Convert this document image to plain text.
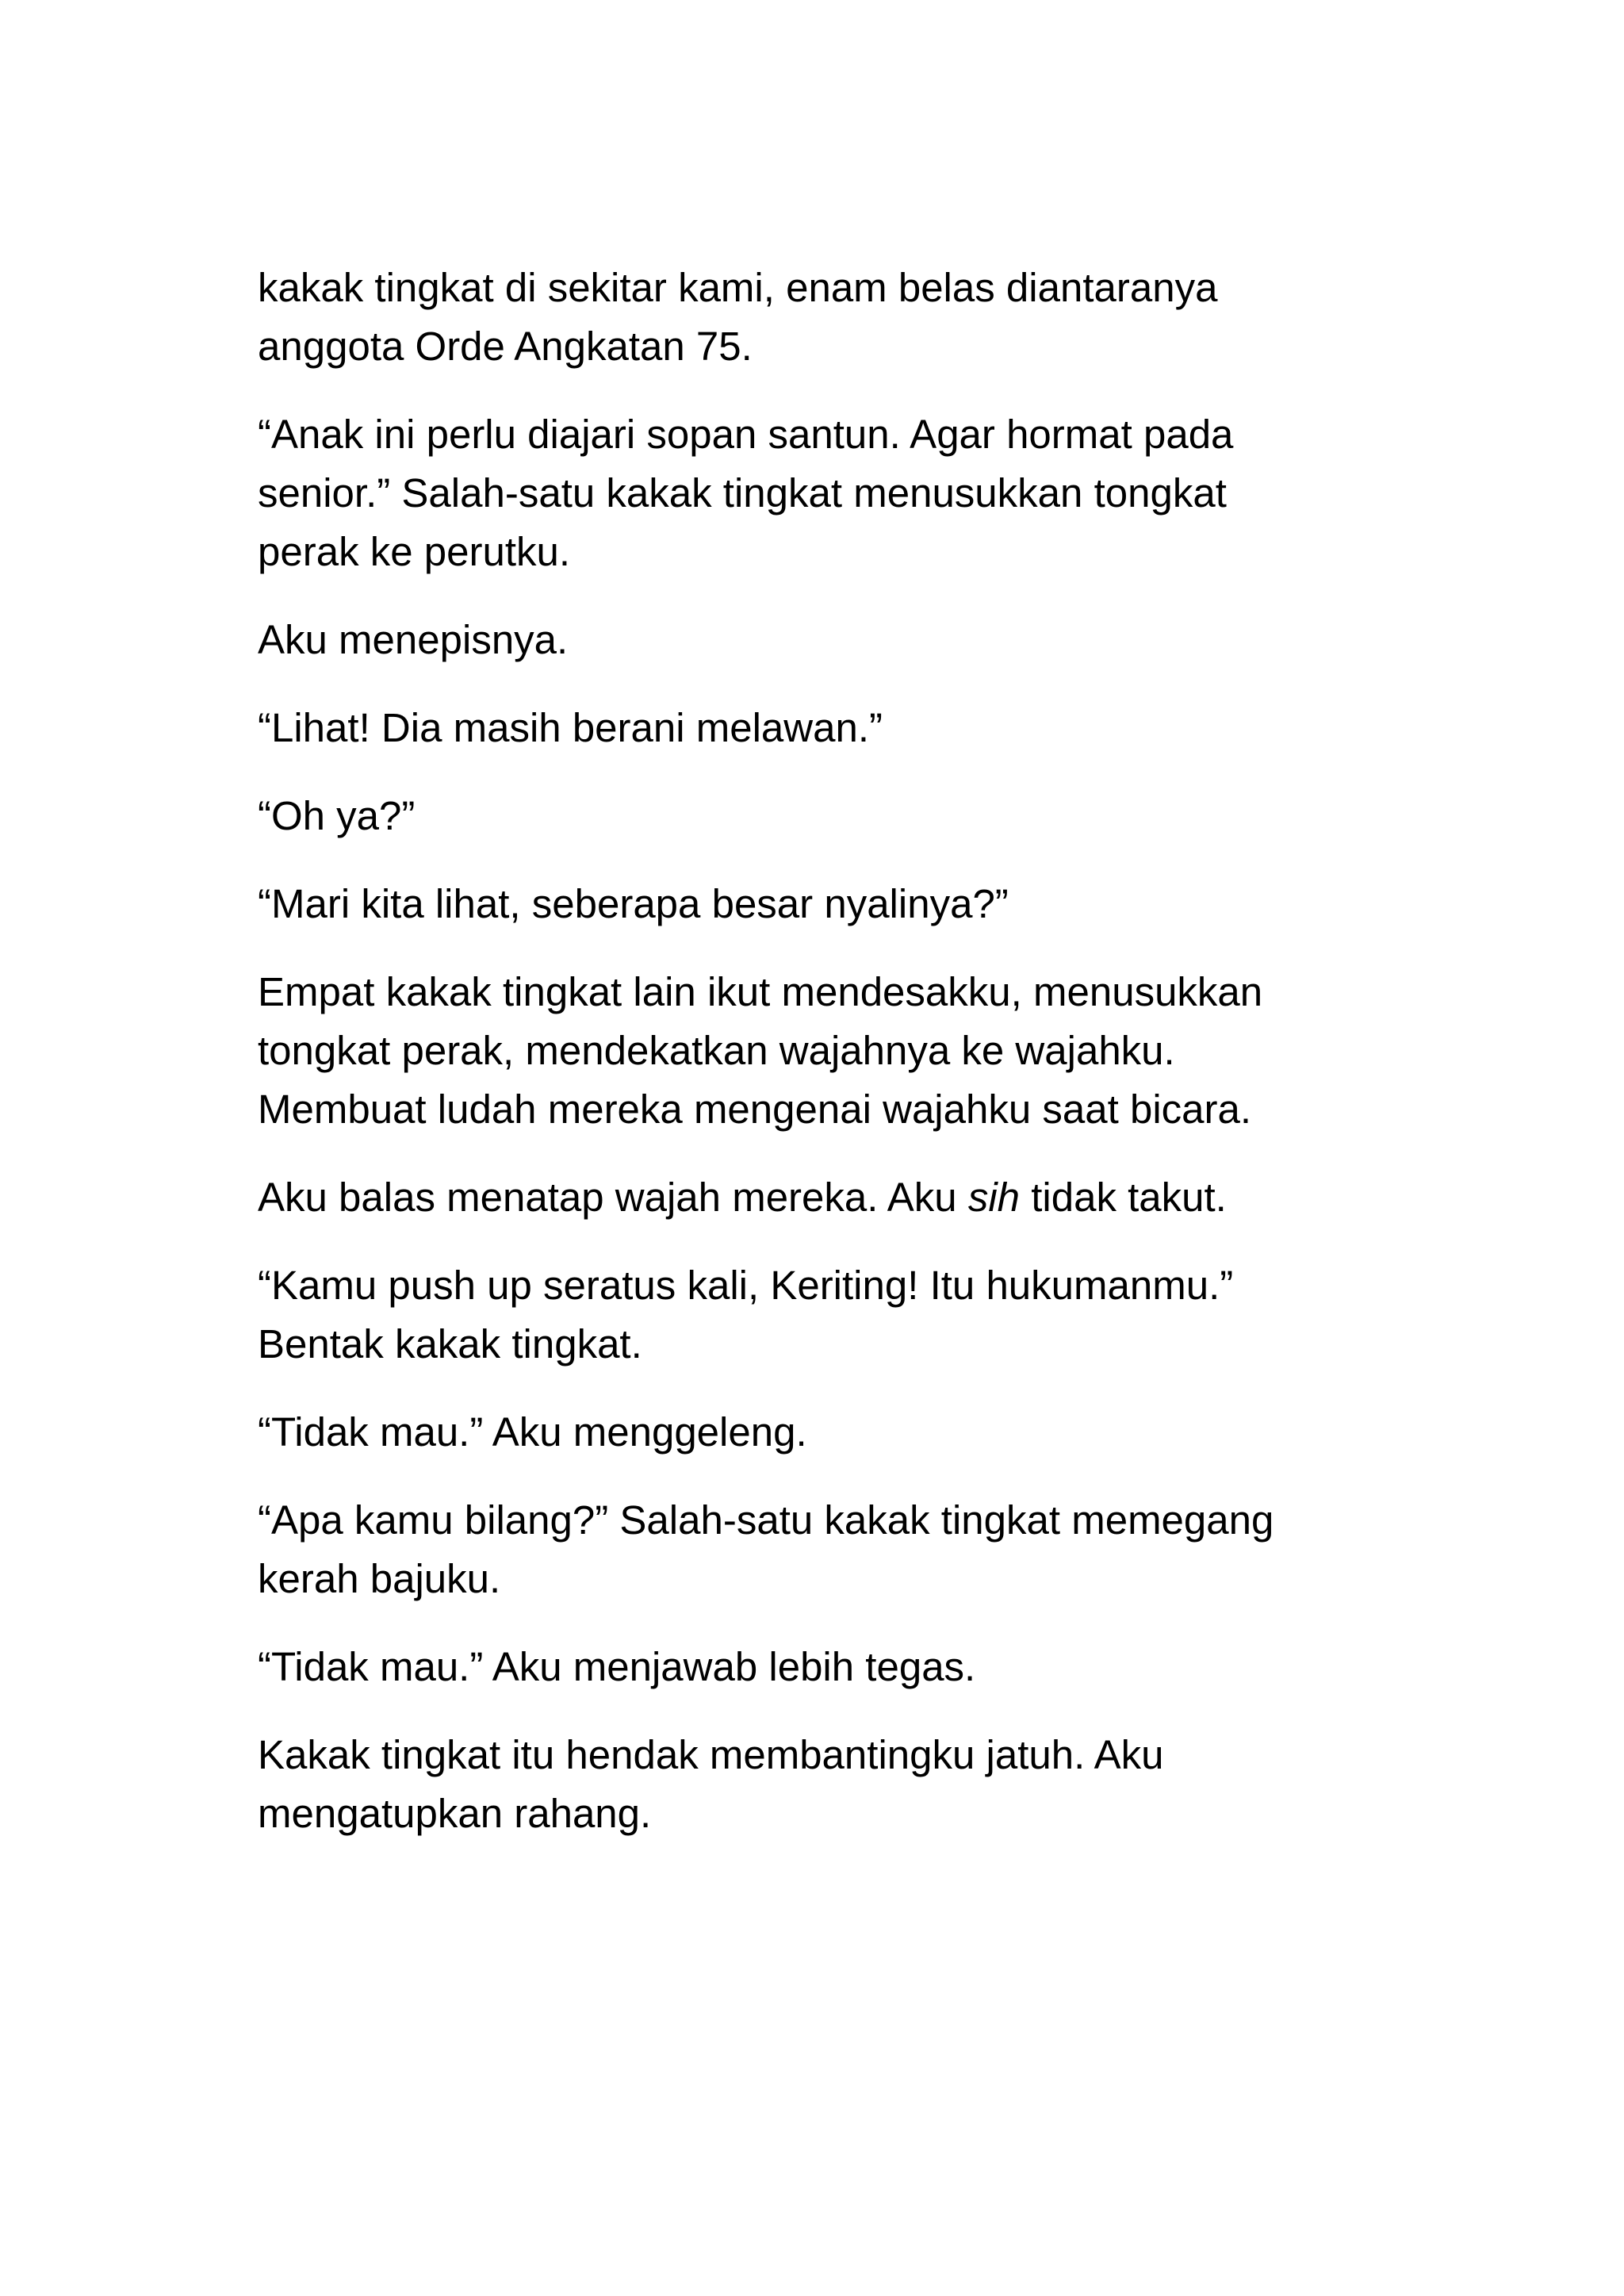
kakak tingkat di sekitar kami, enam belas diantaranya
anggota Orde Angkatan 75.

“Anak ini perlu diajari sopan santun. Agar hormat pada
senior.” Salah-satu kakak tingkat menusukkan tongkat
perak ke perutku.

Aku menepisnya.

“Lihat! Dia masih berani melawan.”

“Oh ya?”

“Mari kita lihat, seberapa besar nyalinya?”

Empat kakak tingkat lain ikut mendesakku, menusukkan
tongkat perak, mendekatkan wajahnya ke wajahku.
Membuat ludah mereka mengenai wajahku saat bicara.

Aku balas menatap wajah mereka. Aku sih tidak takut.

“Kamu push up seratus kali, Keriting! Itu hukumanmu.”
Bentak kakak tingkat.

“Tidak mau.” Aku menggeleng.

“Apa kamu bilang?” Salah-satu kakak tingkat memegang
kerah bajuku.

“Tidak mau.” Aku menjawab lebih tegas.

Kakak tingkat itu hendak membantingku jatuh. Aku
mengatupkan rahang.
